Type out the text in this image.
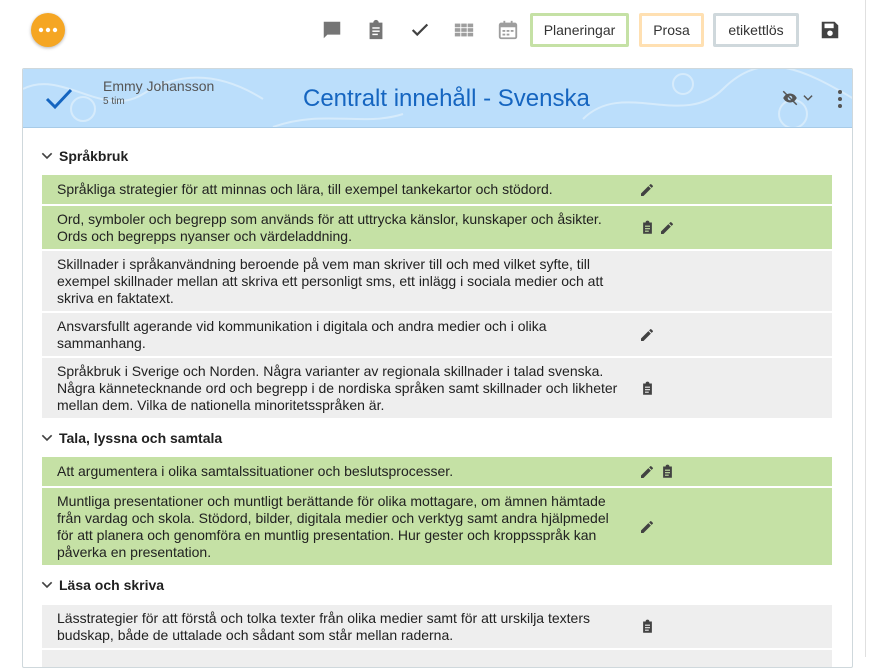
Planeringar	Prosa	etikettlös
Emmy Johansson
5 tim	Centralt innehåll - Svenska
Språkbruk
Språkliga strategier för att minnas och lära, till exempel tankekartor och stödord.
Ord, symboler och begrepp som används för att uttrycka känslor, kunskaper och åsikter. Ords och begrepps nyanser och värdeladdning.
Skillnader i språkanvändning beroende på vem man skriver till och med vilket syfte, till exempel skillnader mellan att skriva ett personligt sms, ett inlägg i sociala medier och att skriva en faktatext.
Ansvarsfullt agerande vid kommunikation i digitala och andra medier och i olika sammanhang.
Språkbruk i Sverige och Norden. Några varianter av regionala skillnader i talad svenska. Några kännetecknande ord och begrepp i de nordiska språken samt skillnader och likheter mellan dem. Vilka de nationella minoritetsspråken är.
Tala, lyssna och samtala
Att argumentera i olika samtalssituationer och beslutsprocesser.
Muntliga presentationer och muntligt berättande för olika mottagare, om ämnen hämtade från vardag och skola. Stödord, bilder, digitala medier och verktyg samt andra hjälpmedel för att planera och genomföra en muntlig presentation. Hur gester och kroppsspråk kan påverka en presentation.
Läsa och skriva
Lässtrategier för att förstå och tolka texter från olika medier samt för att urskilja texters budskap, både de uttalade och sådant som står mellan raderna.
